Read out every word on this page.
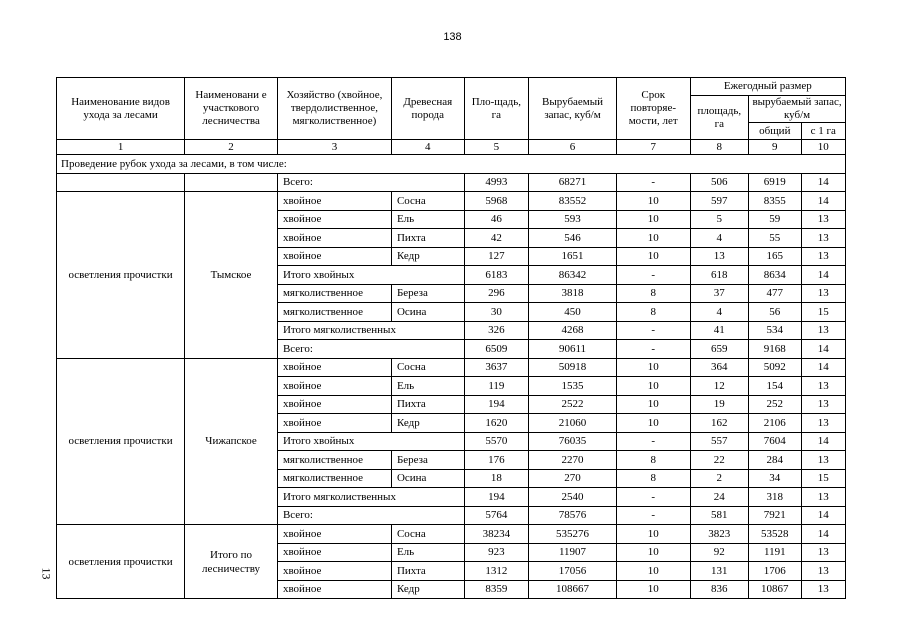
138
13
Наименование видов ухода за лесами	Наименовани е участкового лесничества	Хозяйство (хвойное, твердолиственное, мягколиственное)	Древесная порода	Пло-щадь, га	Вырубаемый запас, куб/м	Срок повторяе-мости, лет	Ежегодный размер		
							площадь, га	вырубаемый запас, куб/м	
								общий	с 1 га
1	2	3	4	5	6	7	8	9	10
Проведение рубок ухода за лесами, в том числе:									
		Всего:		4993	68271	-	506	6919	14
осветления прочистки	Тымское	хвойное	Сосна	5968	83552	10	597	8355	14
		хвойное	Ель	46	593	10	5	59	13
		хвойное	Пихта	42	546	10	4	55	13
		хвойное	Кедр	127	1651	10	13	165	13
		Итого хвойных		6183	86342	-	618	8634	14
		мягколиственное	Береза	296	3818	8	37	477	13
		мягколиственное	Осина	30	450	8	4	56	15
		Итого мягколиственных		326	4268	-	41	534	13
		Всего:		6509	90611	-	659	9168	14
осветления прочистки	Чижапское	хвойное	Сосна	3637	50918	10	364	5092	14
		хвойное	Ель	119	1535	10	12	154	13
		хвойное	Пихта	194	2522	10	19	252	13
		хвойное	Кедр	1620	21060	10	162	2106	13
		Итого хвойных		5570	76035	-	557	7604	14
		мягколиственное	Береза	176	2270	8	22	284	13
		мягколиственное	Осина	18	270	8	2	34	15
		Итого мягколиственных		194	2540	-	24	318	13
		Всего:		5764	78576	-	581	7921	14
осветления прочистки	Итого по лесничеству	хвойное	Сосна	38234	535276	10	3823	53528	14
		хвойное	Ель	923	11907	10	92	1191	13
		хвойное	Пихта	1312	17056	10	131	1706	13
		хвойное	Кедр	8359	108667	10	836	10867	13
